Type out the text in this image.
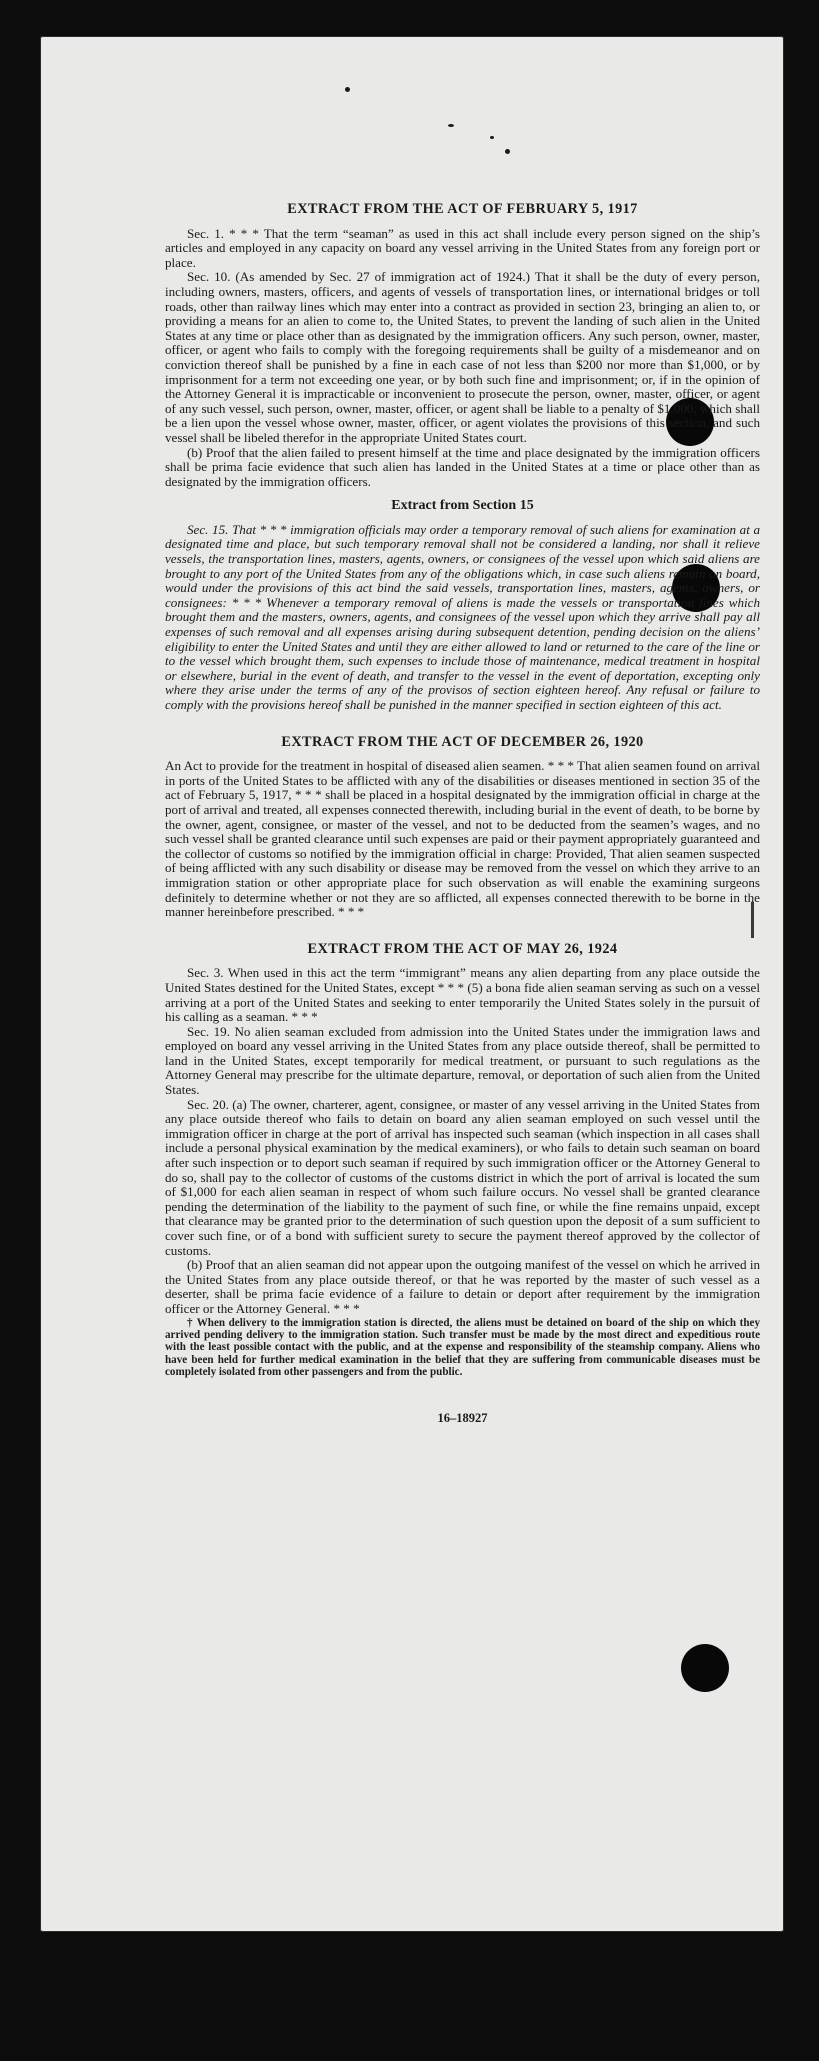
EXTRACT FROM THE ACT OF FEBRUARY 5, 1917

Sec. 1. * * * That the term “seaman” as used in this act shall include every person signed on the ship’s articles and employed in any capacity on board any vessel arriving in the United States from any foreign port or place.

Sec. 10. (As amended by Sec. 27 of immigration act of 1924.) That it shall be the duty of every person, including owners, masters, officers, and agents of vessels of transportation lines, or international bridges or toll roads, other than railway lines which may enter into a contract as provided in section 23, bringing an alien to, or providing a means for an alien to come to, the United States, to prevent the landing of such alien in the United States at any time or place other than as designated by the immigration officers. Any such person, owner, master, officer, or agent who fails to comply with the foregoing requirements shall be guilty of a misdemeanor and on conviction thereof shall be punished by a fine in each case of not less than $200 nor more than $1,000, or by imprisonment for a term not exceeding one year, or by both such fine and imprisonment; or, if in the opinion of the Attorney General it is impracticable or inconvenient to prosecute the person, owner, master, officer, or agent of any such vessel, such person, owner, master, officer, or agent shall be liable to a penalty of $1,000, which shall be a lien upon the vessel whose owner, master, officer, or agent violates the provisions of this section, and such vessel shall be libeled therefor in the appropriate United States court.

(b) Proof that the alien failed to present himself at the time and place designated by the immigration officers shall be prima facie evidence that such alien has landed in the United States at a time or place other than as designated by the immigration officers.

Extract from Section 15

Sec. 15. That * * * immigration officials may order a temporary removal of such aliens for examination at a designated time and place, but such temporary removal shall not be considered a landing, nor shall it relieve vessels, the transportation lines, masters, agents, owners, or consignees of the vessel upon which said aliens are brought to any port of the United States from any of the obligations which, in case such aliens remain on board, would under the provisions of this act bind the said vessels, transportation lines, masters, agents, owners, or consignees: * * * Whenever a temporary removal of aliens is made the vessels or transportation lines which brought them and the masters, owners, agents, and consignees of the vessel upon which they arrive shall pay all expenses of such removal and all expenses arising during subsequent detention, pending decision on the aliens’ eligibility to enter the United States and until they are either allowed to land or returned to the care of the line or to the vessel which brought them, such expenses to include those of maintenance, medical treatment in hospital or elsewhere, burial in the event of death, and transfer to the vessel in the event of deportation, excepting only where they arise under the terms of any of the provisos of section eighteen hereof. Any refusal or failure to comply with the provisions hereof shall be punished in the manner specified in section eighteen of this act.

EXTRACT FROM THE ACT OF DECEMBER 26, 1920

An Act to provide for the treatment in hospital of diseased alien seamen. * * * That alien seamen found on arrival in ports of the United States to be afflicted with any of the disabilities or diseases mentioned in section 35 of the act of February 5, 1917, * * * shall be placed in a hospital designated by the immigration official in charge at the port of arrival and treated, all expenses connected therewith, including burial in the event of death, to be borne by the owner, agent, consignee, or master of the vessel, and not to be deducted from the seamen’s wages, and no such vessel shall be granted clearance until such expenses are paid or their payment appropriately guaranteed and the collector of customs so notified by the immigration official in charge: Provided, That alien seamen suspected of being afflicted with any such disability or disease may be removed from the vessel on which they arrive to an immigration station or other appropriate place for such observation as will enable the examining surgeons definitely to determine whether or not they are so afflicted, all expenses connected therewith to be borne in the manner hereinbefore prescribed. * * *

EXTRACT FROM THE ACT OF MAY 26, 1924

Sec. 3. When used in this act the term “immigrant” means any alien departing from any place outside the United States destined for the United States, except * * * (5) a bona fide alien seaman serving as such on a vessel arriving at a port of the United States and seeking to enter temporarily the United States solely in the pursuit of his calling as a seaman. * * *

Sec. 19. No alien seaman excluded from admission into the United States under the immigration laws and employed on board any vessel arriving in the United States from any place outside thereof, shall be permitted to land in the United States, except temporarily for medical treatment, or pursuant to such regulations as the Attorney General may prescribe for the ultimate departure, removal, or deportation of such alien from the United States.

Sec. 20. (a) The owner, charterer, agent, consignee, or master of any vessel arriving in the United States from any place outside thereof who fails to detain on board any alien seaman employed on such vessel until the immigration officer in charge at the port of arrival has inspected such seaman (which inspection in all cases shall include a personal physical examination by the medical examiners), or who fails to detain such seaman on board after such inspection or to deport such seaman if required by such immigration officer or the Attorney General to do so, shall pay to the collector of customs of the customs district in which the port of arrival is located the sum of $1,000 for each alien seaman in respect of whom such failure occurs. No vessel shall be granted clearance pending the determination of the liability to the payment of such fine, or while the fine remains unpaid, except that clearance may be granted prior to the determination of such question upon the deposit of a sum sufficient to cover such fine, or of a bond with sufficient surety to secure the payment thereof approved by the collector of customs.

(b) Proof that an alien seaman did not appear upon the outgoing manifest of the vessel on which he arrived in the United States from any place outside thereof, or that he was reported by the master of such vessel as a deserter, shall be prima facie evidence of a failure to detain or deport after requirement by the immigration officer or the Attorney General. * * *

† When delivery to the immigration station is directed, the aliens must be detained on board of the ship on which they arrived pending delivery to the immigration station. Such transfer must be made by the most direct and expeditious route with the least possible contact with the public, and at the expense and responsibility of the steamship company. Aliens who have been held for further medical examination in the belief that they are suffering from communicable diseases must be completely isolated from other passengers and from the public.

16–18927
